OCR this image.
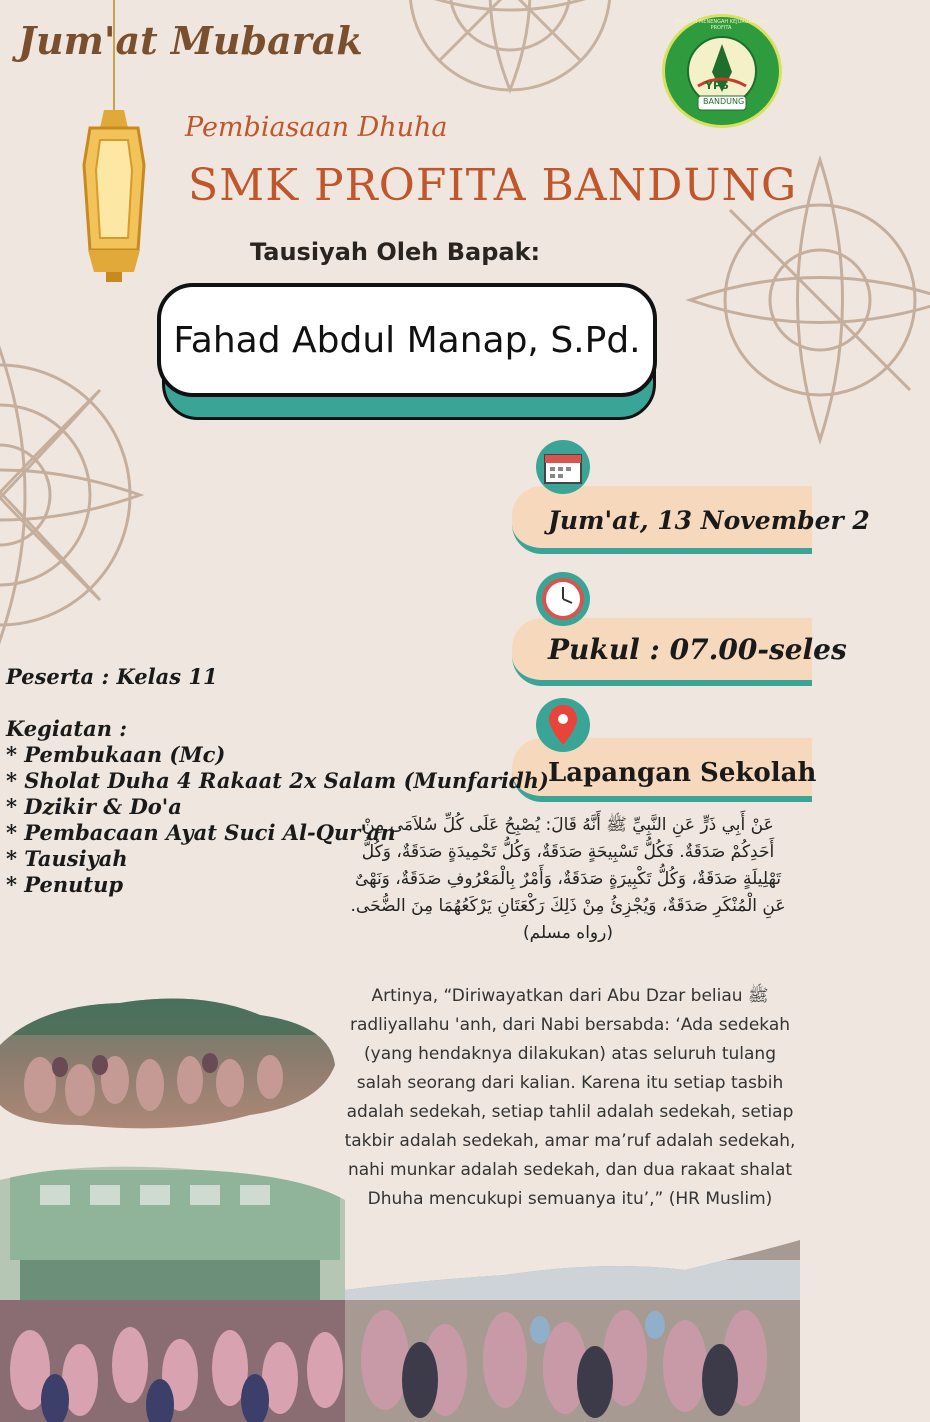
Jum'at Mubarak
YPS
BANDUNG
SEKOLAH MENENGAH KEJURUAN SMK PROFITA
Pembiasaan Dhuha
SMK PROFITA BANDUNG
Tausiyah Oleh Bapak:
Fahad Abdul Manap, S.Pd.
Jum'at, 13 November 2
Pukul : 07.00-seles
Lapangan Sekolah
Peserta : Kelas 11
Kegiatan :
* Pembukaan (Mc)
* Sholat Duha 4 Rakaat 2x Salam (Munfaridh)
* Dzikir & Do'a
* Pembacaan Ayat Suci Al-Qur'an
* Tausiyah
* Penutup
عَنْ أَبِي ذَرٍّ عَنِ النَّبِيِّ ﷺ أَنَّهُ قَالَ: يُصْبِحُ عَلَى كُلِّ سُلاَمَى مِنْ أَحَدِكُمْ صَدَقَةٌ. فَكُلُّ تَسْبِيحَةٍ صَدَقَةٌ، وَكُلُّ تَحْمِيدَةٍ صَدَقَةٌ، وَكُلُّ تَهْلِيلَةٍ صَدَقَةٌ، وَكُلُّ تَكْبِيرَةٍ صَدَقَةٌ، وَأَمْرٌ بِالْمَعْرُوفِ صَدَقَةٌ، وَنَهْىٌ عَنِ الْمُنْكَرِ صَدَقَةٌ، وَيُجْزِئُ مِنْ ذَلِكَ رَكْعَتَانِ يَرْكَعُهُمَا مِنَ الضُّحَى. (رواه مسلم)
Artinya, “Diriwayatkan dari Abu Dzar beliau ﷺ radliyallahu 'anh, dari Nabi bersabda: ‘Ada sedekah (yang hendaknya dilakukan) atas seluruh tulang salah seorang dari kalian. Karena itu setiap tasbih adalah sedekah, setiap tahlil adalah sedekah, setiap takbir adalah sedekah, amar ma’ruf adalah sedekah, nahi munkar adalah sedekah, dan dua rakaat shalat Dhuha mencukupi semuanya itu’,” (HR Muslim)
